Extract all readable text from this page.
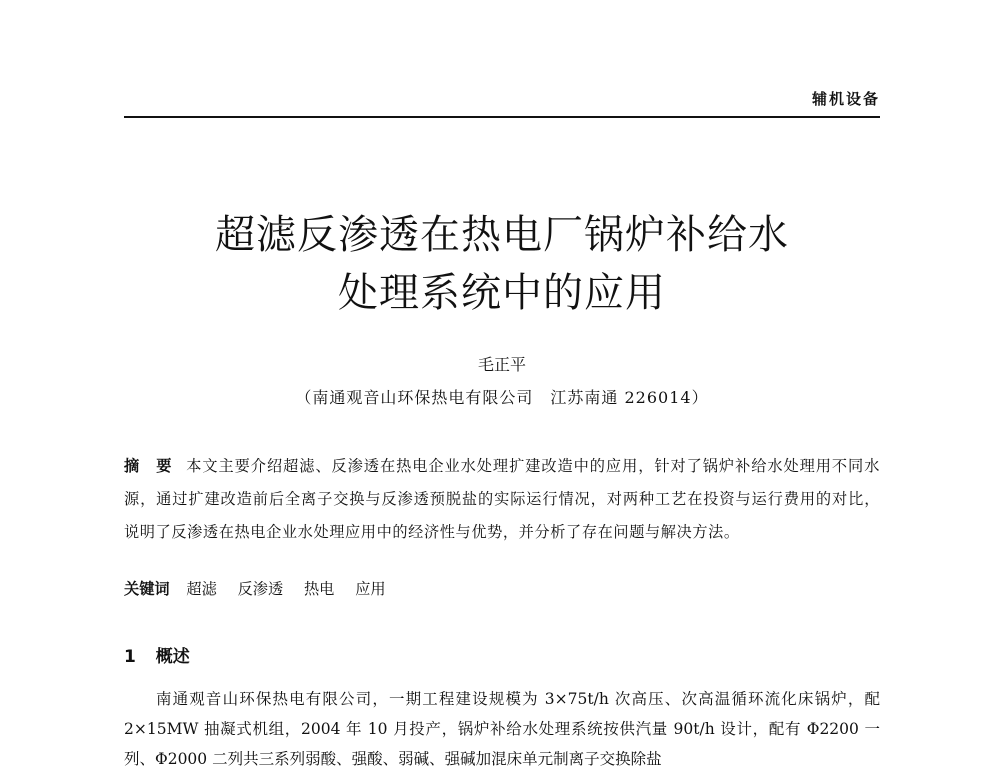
辅机设备
超滤反渗透在热电厂锅炉补给水
处理系统中的应用
毛正平
（南通观音山环保热电有限公司　江苏南通 226014）
摘　要 本文主要介绍超滤、反渗透在热电企业水处理扩建改造中的应用，针对了锅炉补给水处理用不同水源，通过扩建改造前后全离子交换与反渗透预脱盐的实际运行情况，对两种工艺在投资与运行费用的对比，说明了反渗透在热电企业水处理应用中的经济性与优势，并分析了存在问题与解决方法。
关键词 超滤 反渗透 热电 应用
1 概述
南通观音山环保热电有限公司，一期工程建设规模为 3×75t/h 次高压、次高温循环流化床锅炉，配 2×15MW 抽凝式机组，2004 年 10 月投产，锅炉补给水处理系统按供汽量 90t/h 设计，配有 Φ2200 一列、Φ2000 二列共三系列弱酸、强酸、弱碱、强碱加混床单元制离子交换除盐
